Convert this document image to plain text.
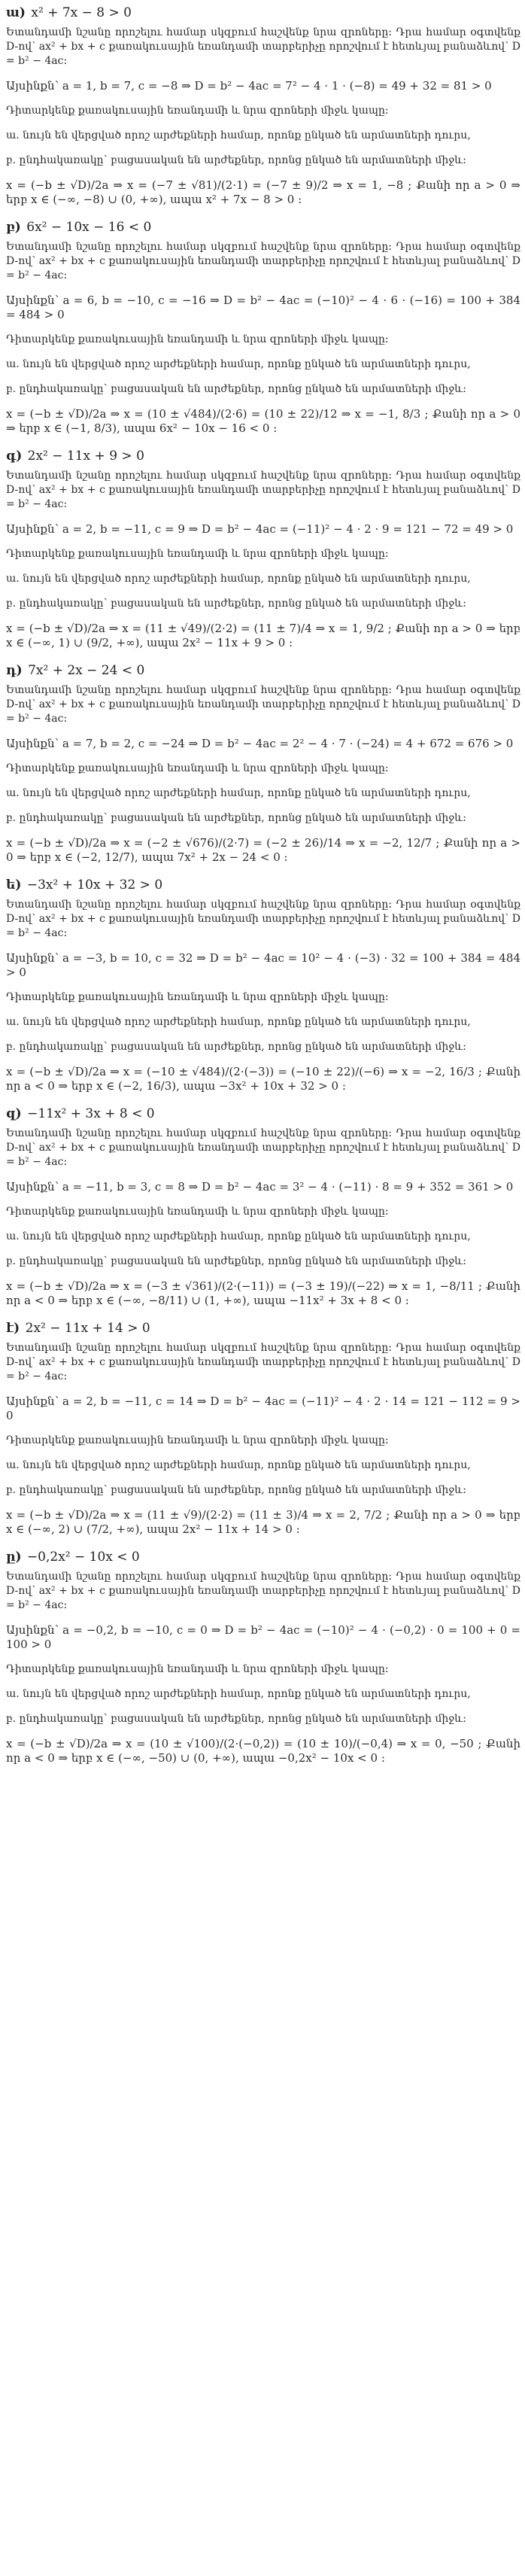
ա) x² + 7x − 8 > 0

Ետանդամի նշանը որոշելու համար սկզբում հաշվենք նրա զրոները: Դրա համար օգտվենք D-ով՝ ax² + bx + c քառակուսային եռանդամի տարբերիչը որոշվում է հետևյալ բանաձևով՝ D = b² − 4ac:

Այսինքն՝ a = 1, b = 7, c = −8 ⇒ D = b² − 4ac = 7² − 4 · 1 · (−8) = 49 + 32 = 81 > 0

Դիտարկենք քառակուսային եռանդամի և նրա զրոների միջև կապը:

ա. նույն են վերցված որոշ արժեքների համար, որոնք ընկած են արմատների դուրս,

բ. ընդհակառակը՝ բացասական են արժեքներ, որոնց ընկած են արմատների միջև:

x = (−b ± √D)/2a ⇒ x = (−7 ± √81)/(2·1) = (−7 ± 9)/2 ⇒ x = 1, −8 ; Քանի որ a > 0 ⇒ երբ x ∈ (−∞, −8) ∪ (0, +∞), ապա x² + 7x − 8 > 0 :

բ) 6x² − 10x − 16 < 0

Ետանդամի նշանը որոշելու համար սկզբում հաշվենք նրա զրոները: Դրա համար օգտվենք D-ով՝ ax² + bx + c քառակուսային եռանդամի տարբերիչը որոշվում է հետևյալ բանաձևով՝ D = b² − 4ac:

Այսինքն՝ a = 6, b = −10, c = −16 ⇒ D = b² − 4ac = (−10)² − 4 · 6 · (−16) = 100 + 384 = 484 > 0

Դիտարկենք քառակուսային եռանդամի և նրա զրոների միջև կապը:

ա. նույն են վերցված որոշ արժեքների համար, որոնք ընկած են արմատների դուրս,

բ. ընդհակառակը՝ բացասական են արժեքներ, որոնց ընկած են արմատների միջև:

x = (−b ± √D)/2a ⇒ x = (10 ± √484)/(2·6) = (10 ± 22)/12 ⇒ x = −1, 8/3 ; Քանի որ a > 0 ⇒ երբ x ∈ (−1, 8/3), ապա 6x² − 10x − 16 < 0 :

գ) 2x² − 11x + 9 > 0

Ետանդամի նշանը որոշելու համար սկզբում հաշվենք նրա զրոները: Դրա համար օգտվենք D-ով՝ ax² + bx + c քառակուսային եռանդամի տարբերիչը որոշվում է հետևյալ բանաձևով՝ D = b² − 4ac:

Այսինքն՝ a = 2, b = −11, c = 9 ⇒ D = b² − 4ac = (−11)² − 4 · 2 · 9 = 121 − 72 = 49 > 0

Դիտարկենք քառակուսային եռանդամի և նրա զրոների միջև կապը:

ա. նույն են վերցված որոշ արժեքների համար, որոնք ընկած են արմատների դուրս,

բ. ընդհակառակը՝ բացասական են արժեքներ, որոնց ընկած են արմատների միջև:

x = (−b ± √D)/2a ⇒ x = (11 ± √49)/(2·2) = (11 ± 7)/4 ⇒ x = 1, 9/2 ; Քանի որ a > 0 ⇒ երբ x ∈ (−∞, 1) ∪ (9/2, +∞), ապա 2x² − 11x + 9 > 0 :

դ) 7x² + 2x − 24 < 0

Ետանդամի նշանը որոշելու համար սկզբում հաշվենք նրա զրոները: Դրա համար օգտվենք D-ով՝ ax² + bx + c քառակուսային եռանդամի տարբերիչը որոշվում է հետևյալ բանաձևով՝ D = b² − 4ac:

Այսինքն՝ a = 7, b = 2, c = −24 ⇒ D = b² − 4ac = 2² − 4 · 7 · (−24) = 4 + 672 = 676 > 0

Դիտարկենք քառակուսային եռանդամի և նրա զրոների միջև կապը:

ա. նույն են վերցված որոշ արժեքների համար, որոնք ընկած են արմատների դուրս,

բ. ընդհակառակը՝ բացասական են արժեքներ, որոնց ընկած են արմատների միջև:

x = (−b ± √D)/2a ⇒ x = (−2 ± √676)/(2·7) = (−2 ± 26)/14 ⇒ x = −2, 12/7 ; Քանի որ a > 0 ⇒ երբ x ∈ (−2, 12/7), ապա 7x² + 2x − 24 < 0 :

ե) −3x² + 10x + 32 > 0

Ետանդամի նշանը որոշելու համար սկզբում հաշվենք նրա զրոները: Դրա համար օգտվենք D-ով՝ ax² + bx + c քառակուսային եռանդամի տարբերիչը որոշվում է հետևյալ բանաձևով՝ D = b² − 4ac:

Այսինքն՝ a = −3, b = 10, c = 32 ⇒ D = b² − 4ac = 10² − 4 · (−3) · 32 = 100 + 384 = 484 > 0

Դիտարկենք քառակուսային եռանդամի և նրա զրոների միջև կապը:

ա. նույն են վերցված որոշ արժեքների համար, որոնք ընկած են արմատների դուրս,

բ. ընդհակառակը՝ բացասական են արժեքներ, որոնց ընկած են արմատների միջև:

x = (−b ± √D)/2a ⇒ x = (−10 ± √484)/(2·(−3)) = (−10 ± 22)/(−6) ⇒ x = −2, 16/3 ; Քանի որ a < 0 ⇒ երբ x ∈ (−2, 16/3), ապա −3x² + 10x + 32 > 0 :

զ) −11x² + 3x + 8 < 0

Ետանդամի նշանը որոշելու համար սկզբում հաշվենք նրա զրոները: Դրա համար օգտվենք D-ով՝ ax² + bx + c քառակուսային եռանդամի տարբերիչը որոշվում է հետևյալ բանաձևով՝ D = b² − 4ac:

Այսինքն՝ a = −11, b = 3, c = 8 ⇒ D = b² − 4ac = 3² − 4 · (−11) · 8 = 9 + 352 = 361 > 0

Դիտարկենք քառակուսային եռանդամի և նրա զրոների միջև կապը:

ա. նույն են վերցված որոշ արժեքների համար, որոնք ընկած են արմատների դուրս,

բ. ընդհակառակը՝ բացասական են արժեքներ, որոնց ընկած են արմատների միջև:

x = (−b ± √D)/2a ⇒ x = (−3 ± √361)/(2·(−11)) = (−3 ± 19)/(−22) ⇒ x = 1, −8/11 ; Քանի որ a < 0 ⇒ երբ x ∈ (−∞, −8/11) ∪ (1, +∞), ապա −11x² + 3x + 8 < 0 :

է) 2x² − 11x + 14 > 0

Ետանդամի նշանը որոշելու համար սկզբում հաշվենք նրա զրոները: Դրա համար օգտվենք D-ով՝ ax² + bx + c քառակուսային եռանդամի տարբերիչը որոշվում է հետևյալ բանաձևով՝ D = b² − 4ac:

Այսինքն՝ a = 2, b = −11, c = 14 ⇒ D = b² − 4ac = (−11)² − 4 · 2 · 14 = 121 − 112 = 9 > 0

Դիտարկենք քառակուսային եռանդամի և նրա զրոների միջև կապը:

ա. նույն են վերցված որոշ արժեքների համար, որոնք ընկած են արմատների դուրս,

բ. ընդհակառակը՝ բացասական են արժեքներ, որոնց ընկած են արմատների միջև:

x = (−b ± √D)/2a ⇒ x = (11 ± √9)/(2·2) = (11 ± 3)/4 ⇒ x = 2, 7/2 ; Քանի որ a > 0 ⇒ երբ x ∈ (−∞, 2) ∪ (7/2, +∞), ապա 2x² − 11x + 14 > 0 :

ը) −0,2x² − 10x < 0

Ետանդամի նշանը որոշելու համար սկզբում հաշվենք նրա զրոները: Դրա համար օգտվենք D-ով՝ ax² + bx + c քառակուսային եռանդամի տարբերիչը որոշվում է հետևյալ բանաձևով՝ D = b² − 4ac:

Այսինքն՝ a = −0,2, b = −10, c = 0 ⇒ D = b² − 4ac = (−10)² − 4 · (−0,2) · 0 = 100 + 0 = 100 > 0

Դիտարկենք քառակուսային եռանդամի և նրա զրոների միջև կապը:

ա. նույն են վերցված որոշ արժեքների համար, որոնք ընկած են արմատների դուրս,

բ. ընդհակառակը՝ բացասական են արժեքներ, որոնց ընկած են արմատների միջև:

x = (−b ± √D)/2a ⇒ x = (10 ± √100)/(2·(−0,2)) = (10 ± 10)/(−0,4) ⇒ x = 0, −50 ; Քանի որ a < 0 ⇒ երբ x ∈ (−∞, −50) ∪ (0, +∞), ապա −0,2x² − 10x < 0 :
